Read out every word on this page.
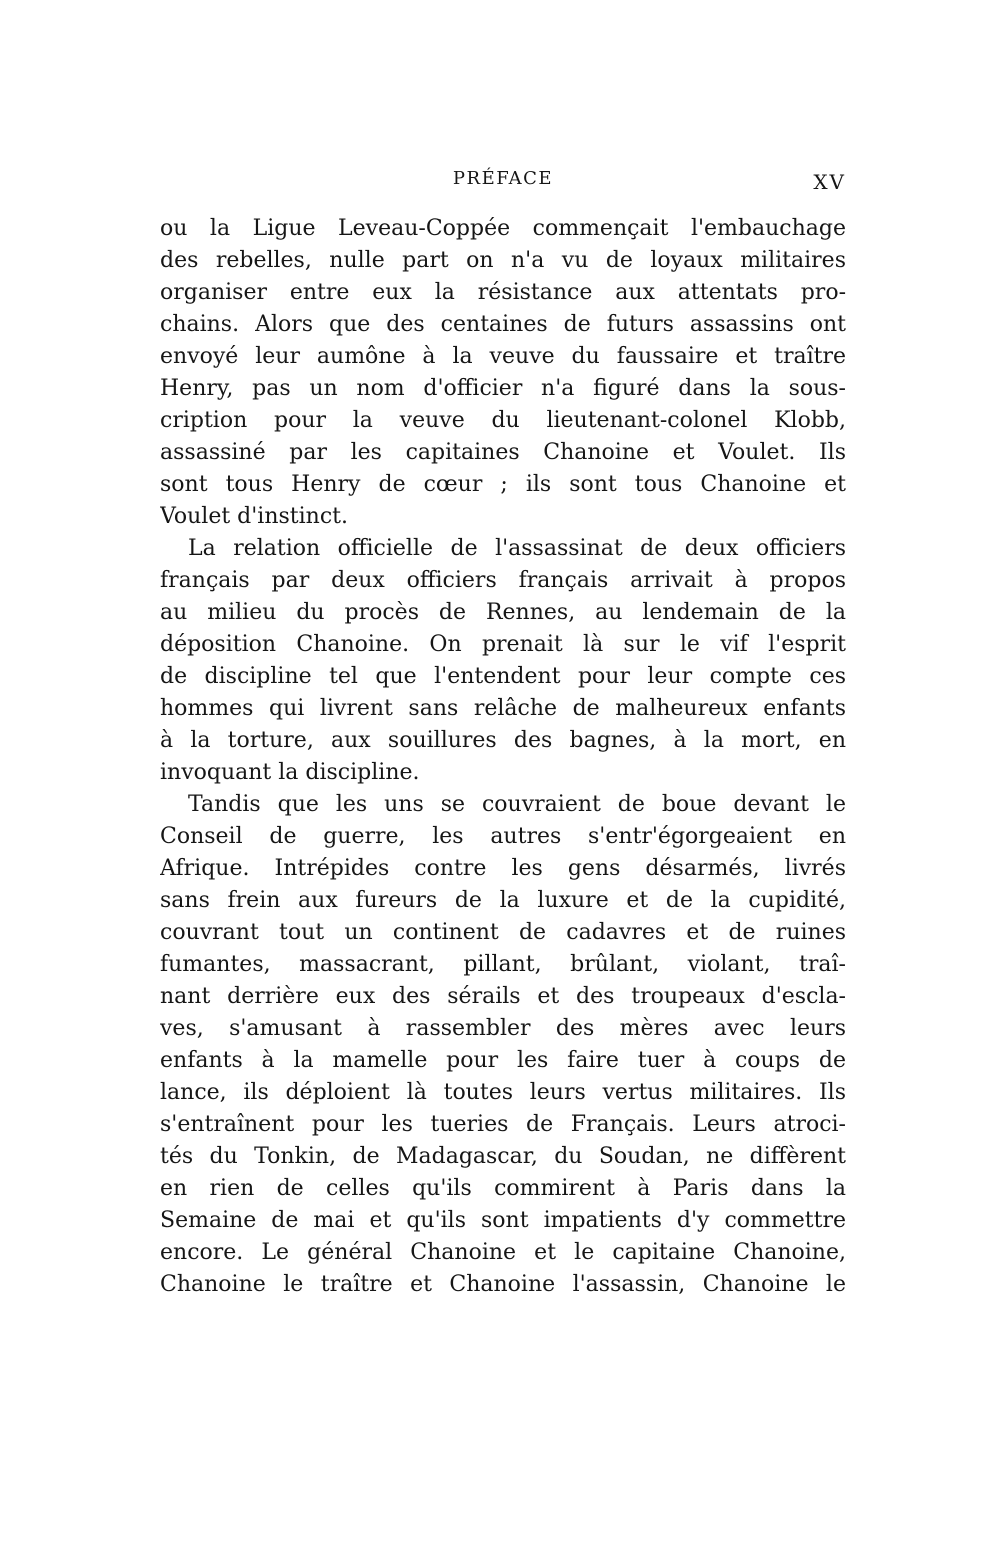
PRÉFACE	XV
ou la Ligue Leveau-Coppée commençait l'embauchage
des rebelles, nulle part on n'a vu de loyaux militaires
organiser entre eux la résistance aux attentats pro-
chains. Alors que des centaines de futurs assassins ont
envoyé leur aumône à la veuve du faussaire et traître
Henry, pas un nom d'officier n'a figuré dans la sous-
cription pour la veuve du lieutenant-colonel Klobb,
assassiné par les capitaines Chanoine et Voulet. Ils
sont tous Henry de cœur ; ils sont tous Chanoine et
Voulet d'instinct.
La relation officielle de l'assassinat de deux officiers
français par deux officiers français arrivait à propos
au milieu du procès de Rennes, au lendemain de la
déposition Chanoine. On prenait là sur le vif l'esprit
de discipline tel que l'entendent pour leur compte ces
hommes qui livrent sans relâche de malheureux enfants
à la torture, aux souillures des bagnes, à la mort, en
invoquant la discipline.
Tandis que les uns se couvraient de boue devant le
Conseil de guerre, les autres s'entr'égorgeaient en
Afrique. Intrépides contre les gens désarmés, livrés
sans frein aux fureurs de la luxure et de la cupidité,
couvrant tout un continent de cadavres et de ruines
fumantes, massacrant, pillant, brûlant, violant, traî-
nant derrière eux des sérails et des troupeaux d'escla-
ves, s'amusant à rassembler des mères avec leurs
enfants à la mamelle pour les faire tuer à coups de
lance, ils déploient là toutes leurs vertus militaires. Ils
s'entraînent pour les tueries de Français. Leurs atroci-
tés du Tonkin, de Madagascar, du Soudan, ne diffèrent
en rien de celles qu'ils commirent à Paris dans la
Semaine de mai et qu'ils sont impatients d'y commettre
encore. Le général Chanoine et le capitaine Chanoine,
Chanoine le traître et Chanoine l'assassin, Chanoine le
